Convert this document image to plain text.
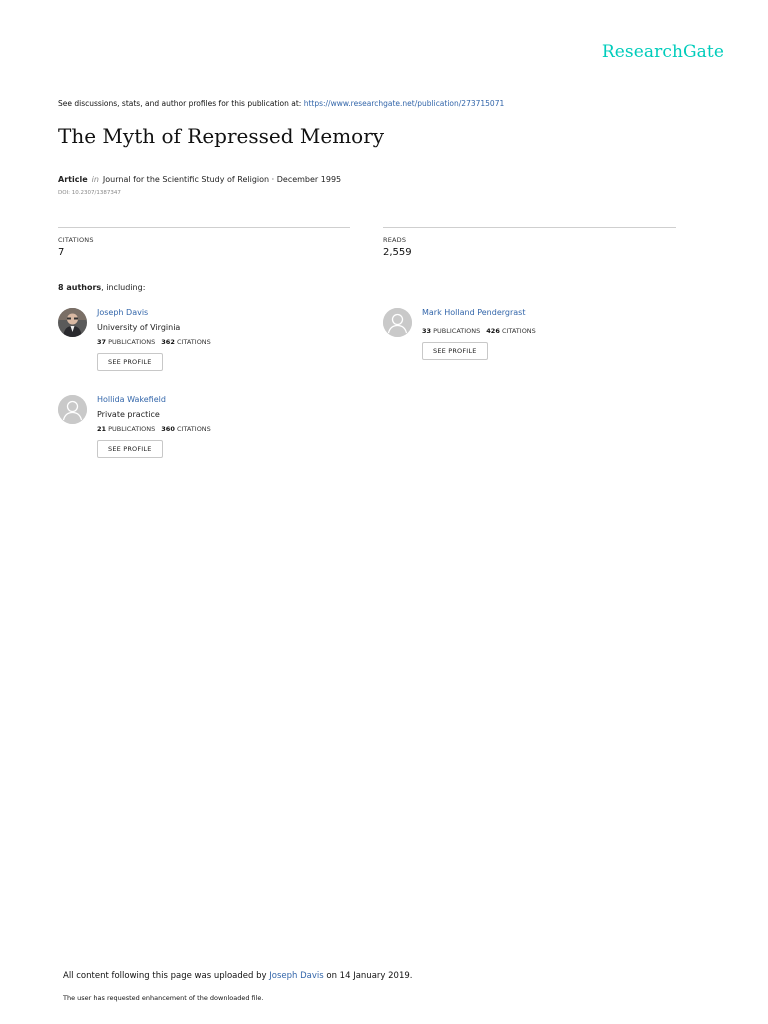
ResearchGate
See discussions, stats, and author profiles for this publication at: https://www.researchgate.net/publication/273715071
The Myth of Repressed Memory
Article in Journal for the Scientific Study of Religion · December 1995
DOI: 10.2307/1387347
CITATIONS
7
READS
2,559
8 authors, including:
Joseph Davis
University of Virginia
37 PUBLICATIONS 362 CITATIONS
SEE PROFILE
Mark Holland Pendergrast
33 PUBLICATIONS 426 CITATIONS
SEE PROFILE
Hollida Wakefield
Private practice
21 PUBLICATIONS 360 CITATIONS
SEE PROFILE
All content following this page was uploaded by Joseph Davis on 14 January 2019.
The user has requested enhancement of the downloaded file.
